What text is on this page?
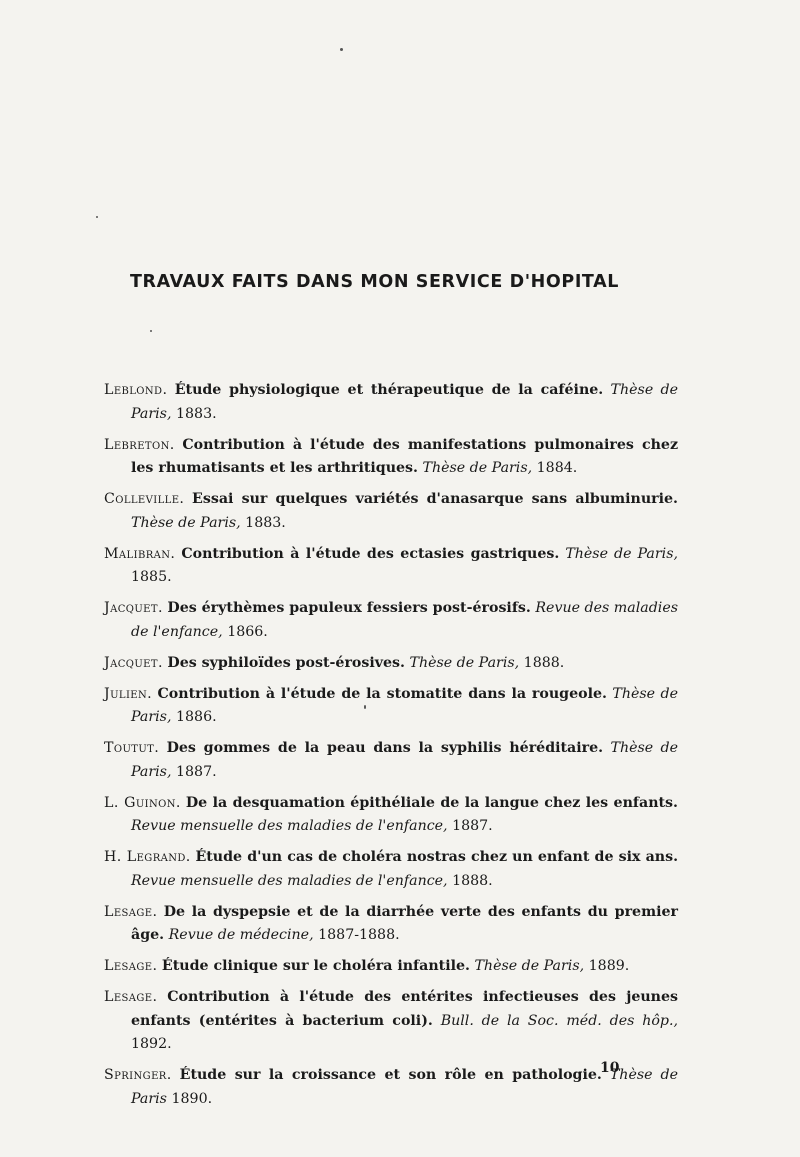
TRAVAUX FAITS DANS MON SERVICE D'HOPITAL
Leblond. Étude physiologique et thérapeutique de la caféine. Thèse de Paris, 1883.
Lebreton. Contribution à l'étude des manifestations pulmonaires chez les rhumatisants et les arthritiques. Thèse de Paris, 1884.
Colleville. Essai sur quelques variétés d'anasarque sans albuminurie. Thèse de Paris, 1883.
Malibran. Contribution à l'étude des ectasies gastriques. Thèse de Paris, 1885.
Jacquet. Des érythèmes papuleux fessiers post-érosifs. Revue des maladies de l'enfance, 1866.
Jacquet. Des syphiloïdes post-érosives. Thèse de Paris, 1888.
Julien. Contribution à l'étude de la stomatite dans la rougeole. Thèse de Paris, 1886.
Toutut. Des gommes de la peau dans la syphilis héréditaire. Thèse de Paris, 1887.
L. Guinon. De la desquamation épithéliale de la langue chez les enfants. Revue mensuelle des maladies de l'enfance, 1887.
H. Legrand. Étude d'un cas de choléra nostras chez un enfant de six ans. Revue mensuelle des maladies de l'enfance, 1888.
Lesage. De la dyspepsie et de la diarrhée verte des enfants du premier âge. Revue de médecine, 1887-1888.
Lesage. Étude clinique sur le choléra infantile. Thèse de Paris, 1889.
Lesage. Contribution à l'étude des entérites infectieuses des jeunes enfants (entérites à bacterium coli). Bull. de la Soc. méd. des hôp., 1892.
Springer. Étude sur la croissance et son rôle en pathologie. Thèse de Paris 1890.
10
